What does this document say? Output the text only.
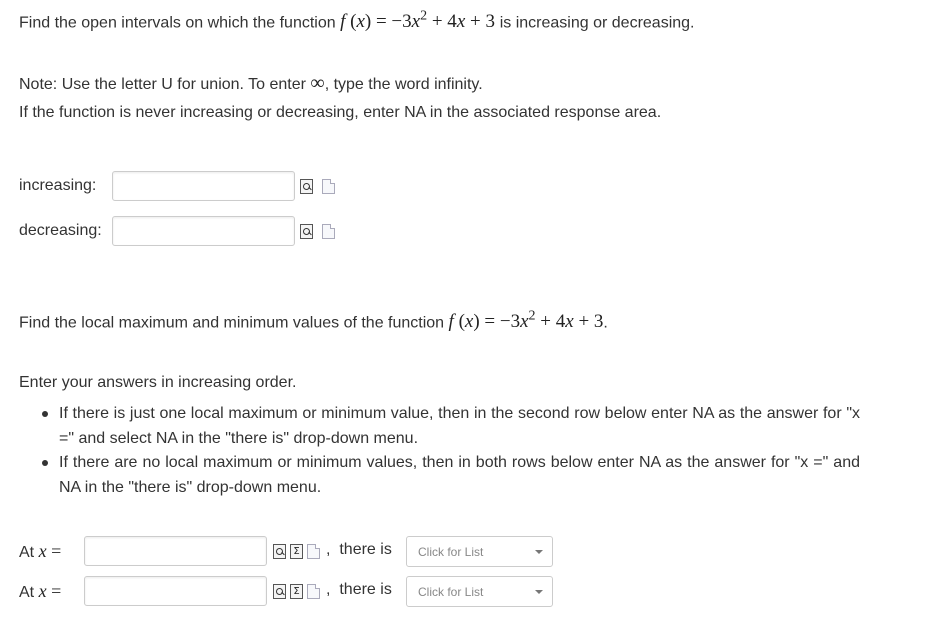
Find the open intervals on which the function f $(x) = -3x^2 + 4x + 3$ is increasing or decreasing.
Note: Use the letter U for union. To enter ∞, type the word infinity.
If the function is never increasing or decreasing, enter NA in the associated response area.
increasing:
decreasing:
Find the local maximum and minimum values of the function f $(x) = -3x^2 + 4x + 3$.
Enter your answers in increasing order.
If there is just one local maximum or minimum value, then in the second row below enter NA as the answer for "x =" and select NA in the "there is" drop-down menu.
If there are no local maximum or minimum values, then in both rows below enter NA as the answer for "x =" and NA in the "there is" drop-down menu.
At x =	Σ , there is	Click for List
At x =	Σ , there is	Click for List
